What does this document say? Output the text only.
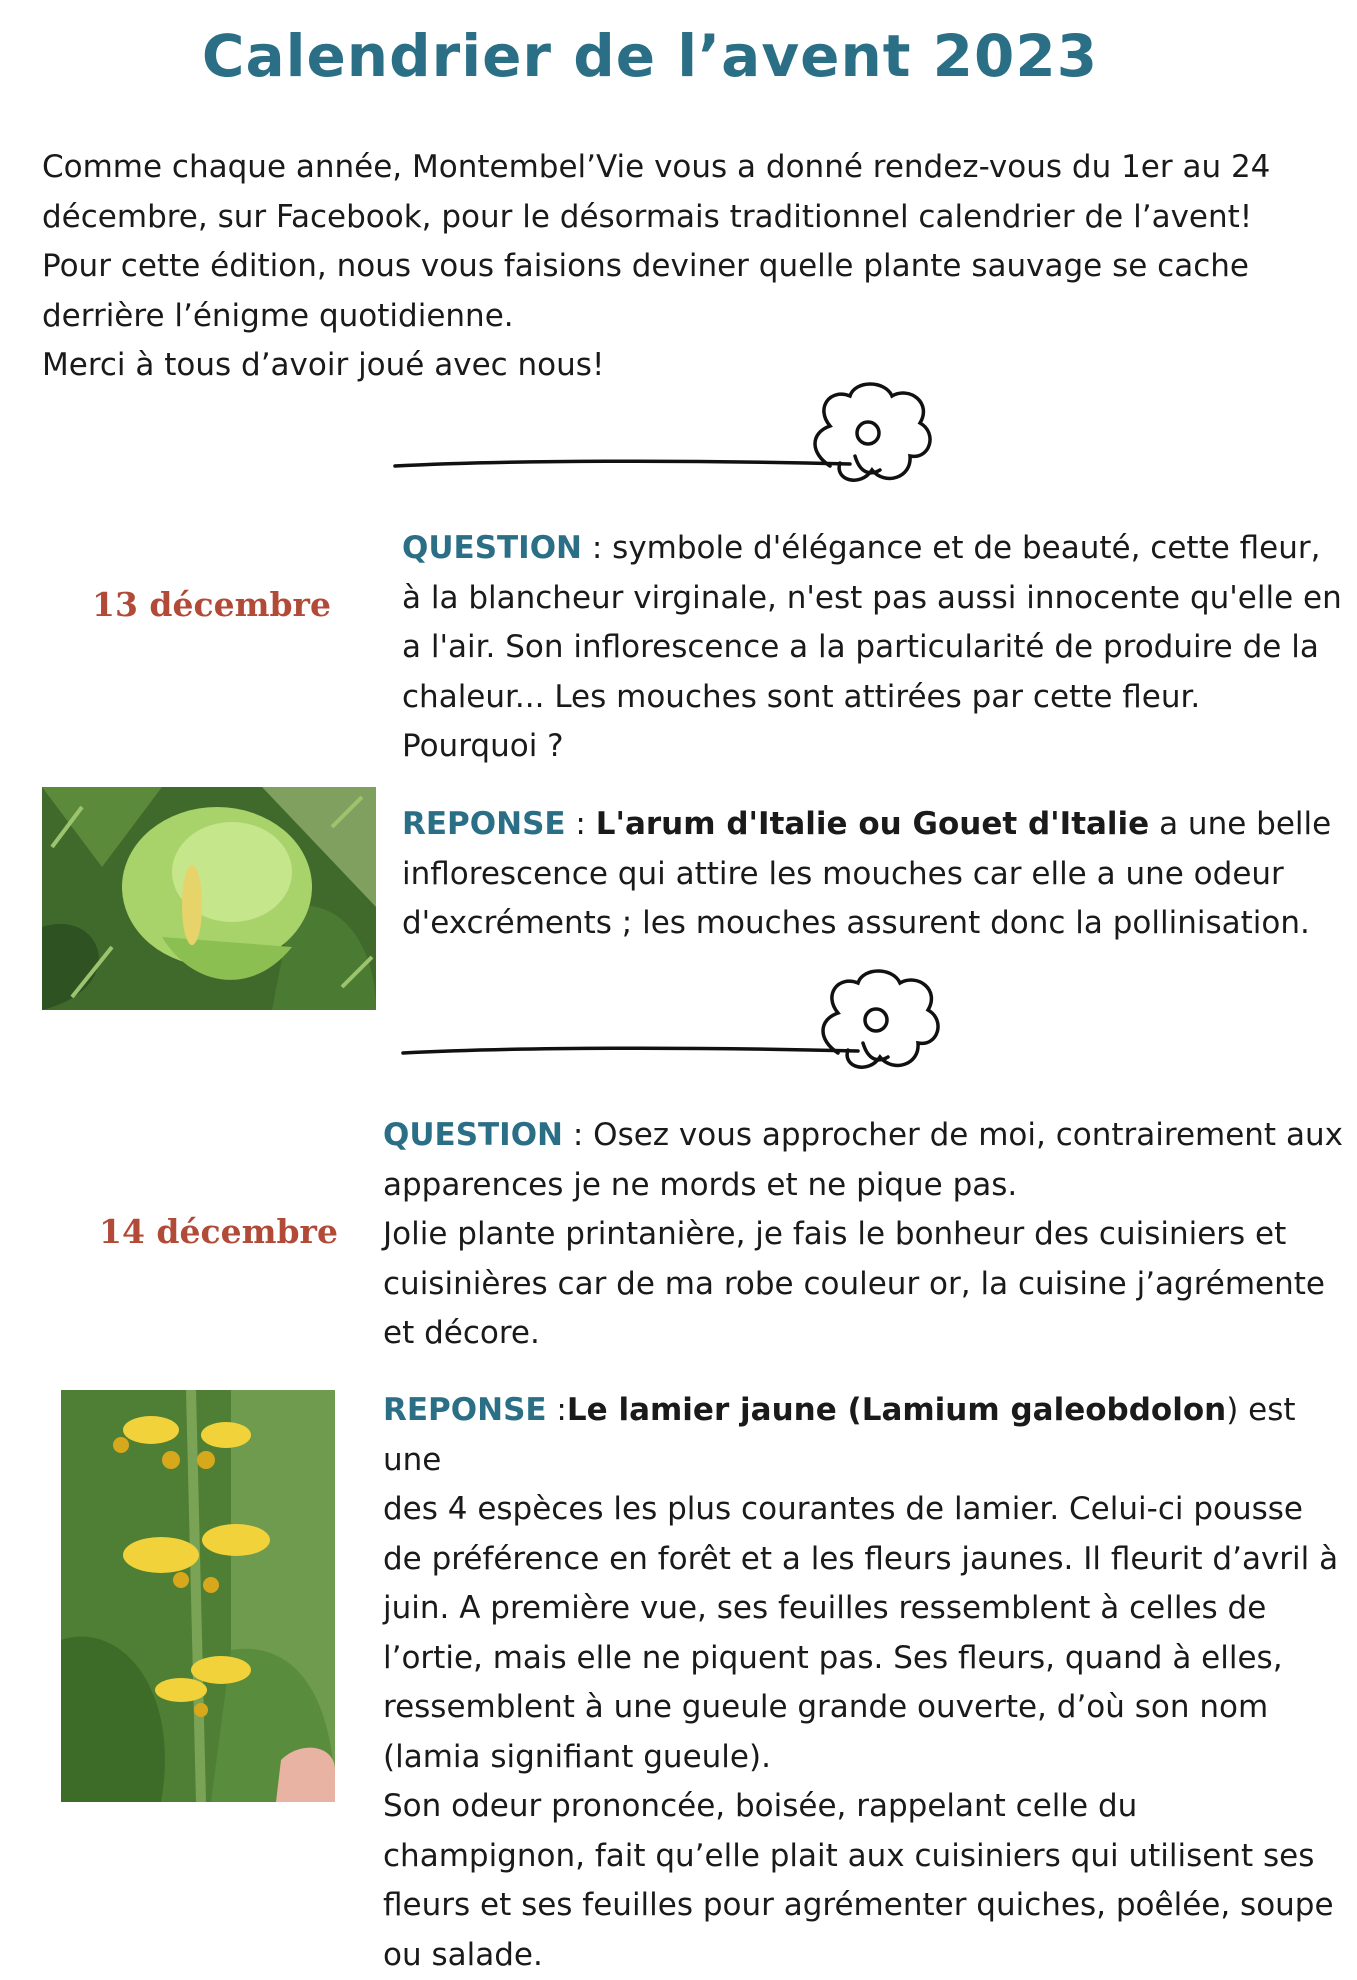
Calendrier de l’avent 2023

Comme chaque année, Montembel’Vie vous a donné rendez-vous du 1er au 24

décembre, sur Facebook, pour le désormais traditionnel calendrier de l’avent!

Pour cette édition, nous vous faisions deviner quelle plante sauvage se cache

derrière l’énigme quotidienne.

Merci à tous d’avoir joué avec nous!

13 décembre

QUESTION : symbole d'élégance et de beauté, cette fleur,

à la blancheur virginale, n'est pas aussi innocente qu'elle en

a l'air. Son inflorescence a la particularité de produire de la

chaleur... Les mouches sont attirées par cette fleur.

Pourquoi ?

REPONSE : L'arum d'Italie ou Gouet d'Italie a une belle

inflorescence qui attire les mouches car elle a une odeur

d'excréments ; les mouches assurent donc la pollinisation.

14 décembre

QUESTION : Osez vous approcher de moi, contrairement aux

apparences je ne mords et ne pique pas.

Jolie plante printanière, je fais le bonheur des cuisiniers et

cuisinières car de ma robe couleur or, la cuisine j’agrémente

et décore.

REPONSE :Le lamier jaune (Lamium galeobdolon) est une

des 4 espèces les plus courantes de lamier. Celui-ci pousse

de préférence en forêt et a les fleurs jaunes. Il fleurit d’avril à

juin. A première vue, ses feuilles ressemblent à celles de

l’ortie, mais elle ne piquent pas. Ses fleurs, quand à elles,

ressemblent à une gueule grande ouverte, d’où son nom

(lamia signifiant gueule).

Son odeur prononcée, boisée, rappelant celle du

champignon, fait qu’elle plait aux cuisiniers qui utilisent ses

fleurs et ses feuilles pour agrémenter quiches, poêlée, soupe

ou salade.
